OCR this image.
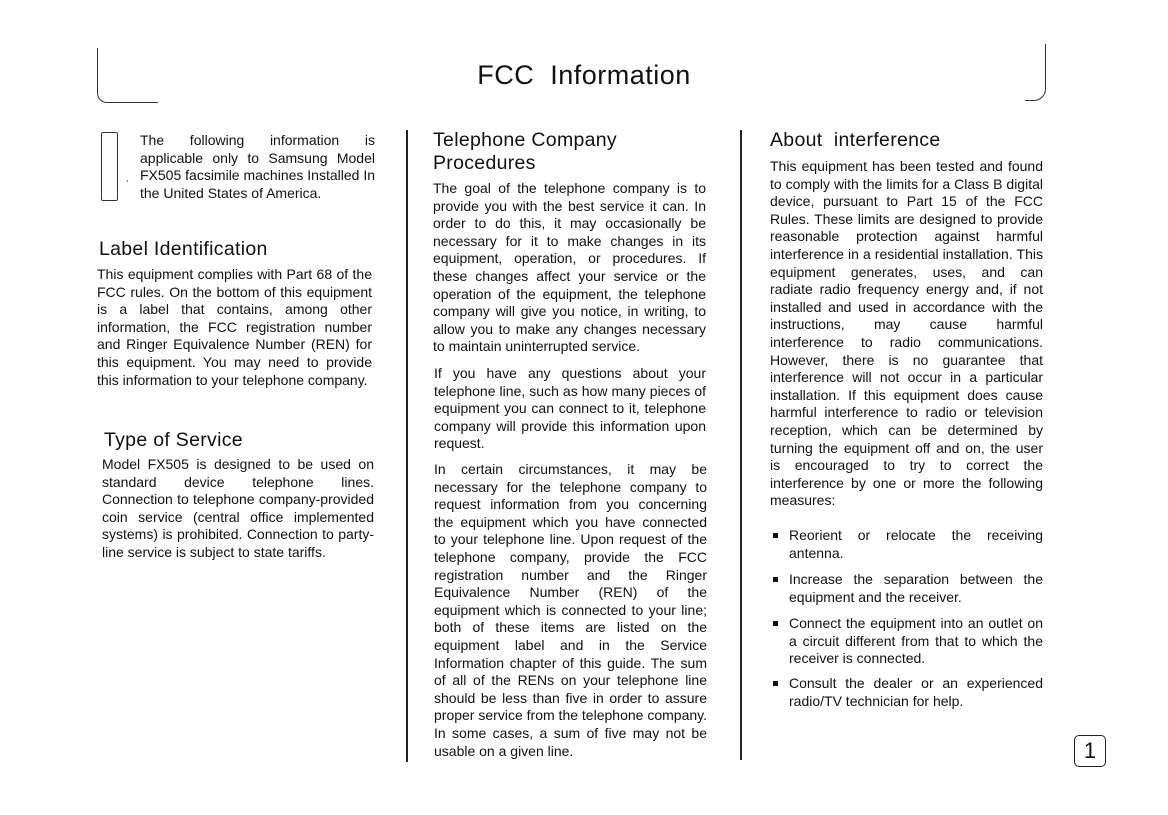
FCC  Information
,

The following information is applicable only to Samsung Model FX505 facsimile machines Installed In the United States of America.

Label Identification

This equipment complies with Part 68 of the FCC rules. On the bottom of this equipment is a label that contains, among other information, the FCC registration number and Ringer Equivalence Number (REN) for this equipment. You may need to provide this information to your telephone company.

Type of Service

Model FX505 is designed to be used on standard device telephone lines. Connection to telephone company-provided coin service (central office implemented systems) is prohibited. Connection to party-line service is subject to state tariffs.

Telephone Company Procedures

The goal of the telephone company is to provide you with the best service it can. In order to do this, it may occasionally be necessary for it to make changes in its equipment, operation, or procedures. If these changes affect your service or the operation of the equipment, the telephone company will give you notice, in writing, to allow you to make any changes necessary to maintain uninterrupted service.

If you have any questions about your telephone line, such as how many pieces of equipment you can connect to it, telephone company will provide this information upon request.

In certain circumstances, it may be necessary for the telephone company to request information from you concerning the equipment which you have connected to your telephone line. Upon request of the telephone company, provide the FCC registration number and the Ringer Equivalence Number (REN) of the equipment which is connected to your line; both of these items are listed on the equipment label and in the Service Information chapter of this guide. The sum of all of the RENs on your telephone line should be less than five in order to assure proper service from the telephone company. In some cases, a sum of five may not be usable on a given line.

About  interference

This equipment has been tested and found to comply with the limits for a Class B digital device, pursuant to Part 15 of the FCC Rules. These limits are designed to provide reasonable protection against harmful interference in a residential installation. This equipment generates, uses, and can radiate radio frequency energy and, if not installed and used in accordance with the instructions, may cause harmful interference to radio communications. However, there is no guarantee that interference will not occur in a particular installation. If this equipment does cause harmful interference to radio or television reception, which can be determined by turning the equipment off and on, the user is encouraged to try to correct the interference by one or more the following measures:

Reorient or relocate the receiving antenna.
Increase the separation between the equipment and the receiver.
Connect the equipment into an outlet on a circuit different from that to which the receiver is connected.
Consult the dealer or an experienced radio/TV technician for help.
1
